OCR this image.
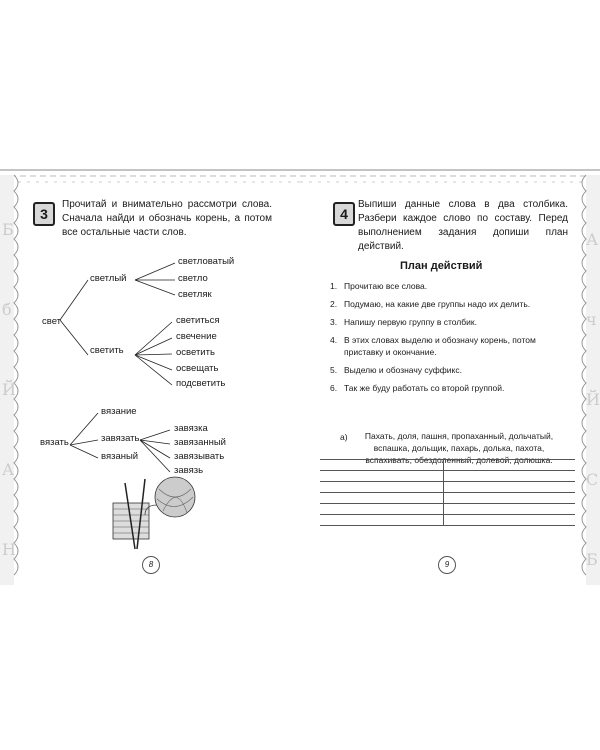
Б
б
Й
А
Н
3
Прочитай и внимательно рассмотри слова. Сначала найди и обозначь корень, а потом все остальные части слов.
свет
светлый
светловатый
светло
светляк
светить
светиться
свечение
осветить
освещать
подсветить
вязать
вязание
завязать
вязаный
завязка
завязанный
завязывать
завязь
8
А
ч
Й
С
Б
4
Выпиши данные слова в два столбика. Разбери каждое слово по составу. Перед выполнением задания допиши план действий.
План действий
1. Прочитаю все слова.
2. Подумаю, на какие две группы надо их делить.
3. Напишу первую группу в столбик.
4. В этих словах выделю и обозначу корень, потом приставку и окончание.
5. Выделю и обозначу суффикс.
6. Так же буду работать со второй группой.
а)	Пахать, доля, пашня, пропаханный, дольчатый, вспашка, дольщик, пахарь, долька, пахота, вспахивать, обездоленный, долевой, долюшка.
9
